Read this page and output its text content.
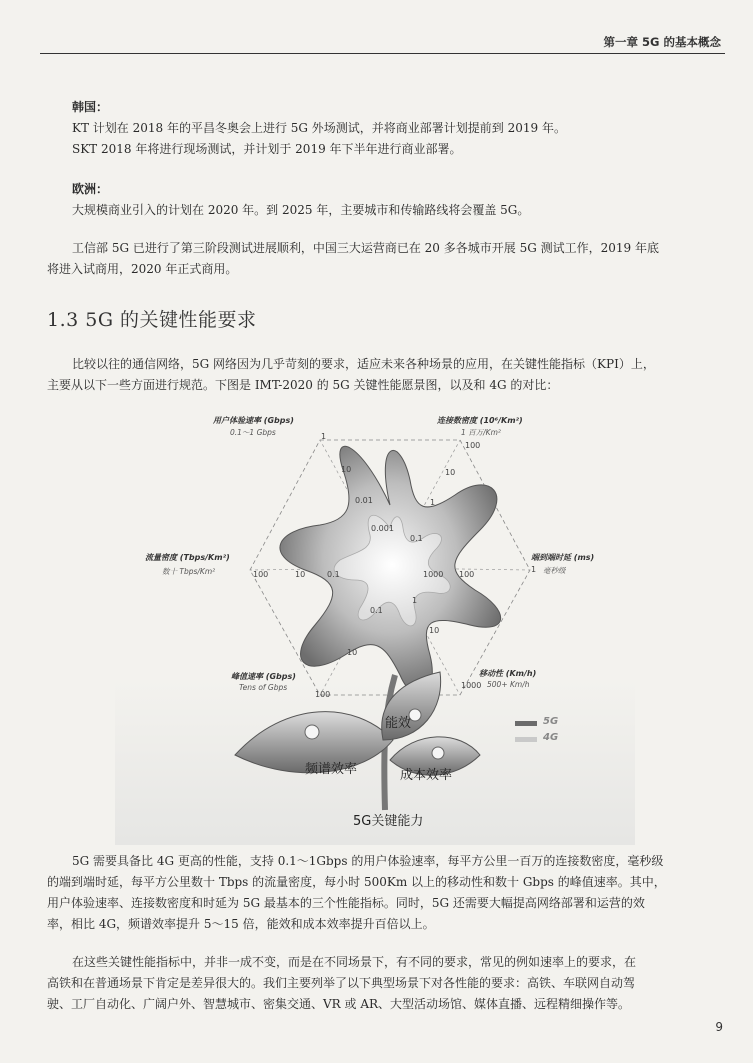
第一章 5G 的基本概念
韩国：
KT 计划在 2018 年的平昌冬奥会上进行 5G 外场测试，并将商业部署计划提前到 2019 年。
SKT 2018 年将进行现场测试，并计划于 2019 年下半年进行商业部署。
欧洲：
大规模商业引入的计划在 2020 年。到 2025 年，主要城市和传输路线将会覆盖 5G。
工信部 5G 已进行了第三阶段测试进展顺利，中国三大运营商已在 20 多各城市开展 5G 测试工作，2019 年底
将进入试商用，2020 年正式商用。
1.3 5G 的关键性能要求
比较以往的通信网络，5G 网络因为几乎苛刻的要求，适应未来各种场景的应用，在关键性能指标（KPI）上，
主要从以下一些方面进行规范。下图是 IMT-2020 的 5G 关键性能愿景图，以及和 4G 的对比：
用户体验速率 (Gbps)
0.1～1 Gbps	1
连接数密度 (10⁶/Km²)
1 百万/Km²
100
端到端时延 (ms)
毫秒级
1
移动性 (Km/h)
500+ Km/h
1000
峰值速率 (Gbps)
Tens of Gbps
100
流量密度 (Tbps/Km²)
数十 Tbps/Km²	100
10	10
1
0.01
0.001
0.1
100
1000
10	0.1
1
0.1
10
10
能效
频谱效率	成本效率
5G关键能力
5G
4G
5G 需要具备比 4G 更高的性能，支持 0.1～1Gbps 的用户体验速率，每平方公里一百万的连接数密度，毫秒级
的端到端时延，每平方公里数十 Tbps 的流量密度，每小时 500Km 以上的移动性和数十 Gbps 的峰值速率。其中，
用户体验速率、连接数密度和时延为 5G 最基本的三个性能指标。同时，5G 还需要大幅提高网络部署和运营的效
率，相比 4G，频谱效率提升 5～15 倍，能效和成本效率提升百倍以上。
在这些关键性能指标中，并非一成不变，而是在不同场景下，有不同的要求，常见的例如速率上的要求，在
高铁和在普通场景下肯定是差异很大的。我们主要列举了以下典型场景下对各性能的要求：高铁、车联网自动驾
驶、工厂自动化、广阔户外、智慧城市、密集交通、VR 或 AR、大型活动场馆、媒体直播、远程精细操作等。
9
